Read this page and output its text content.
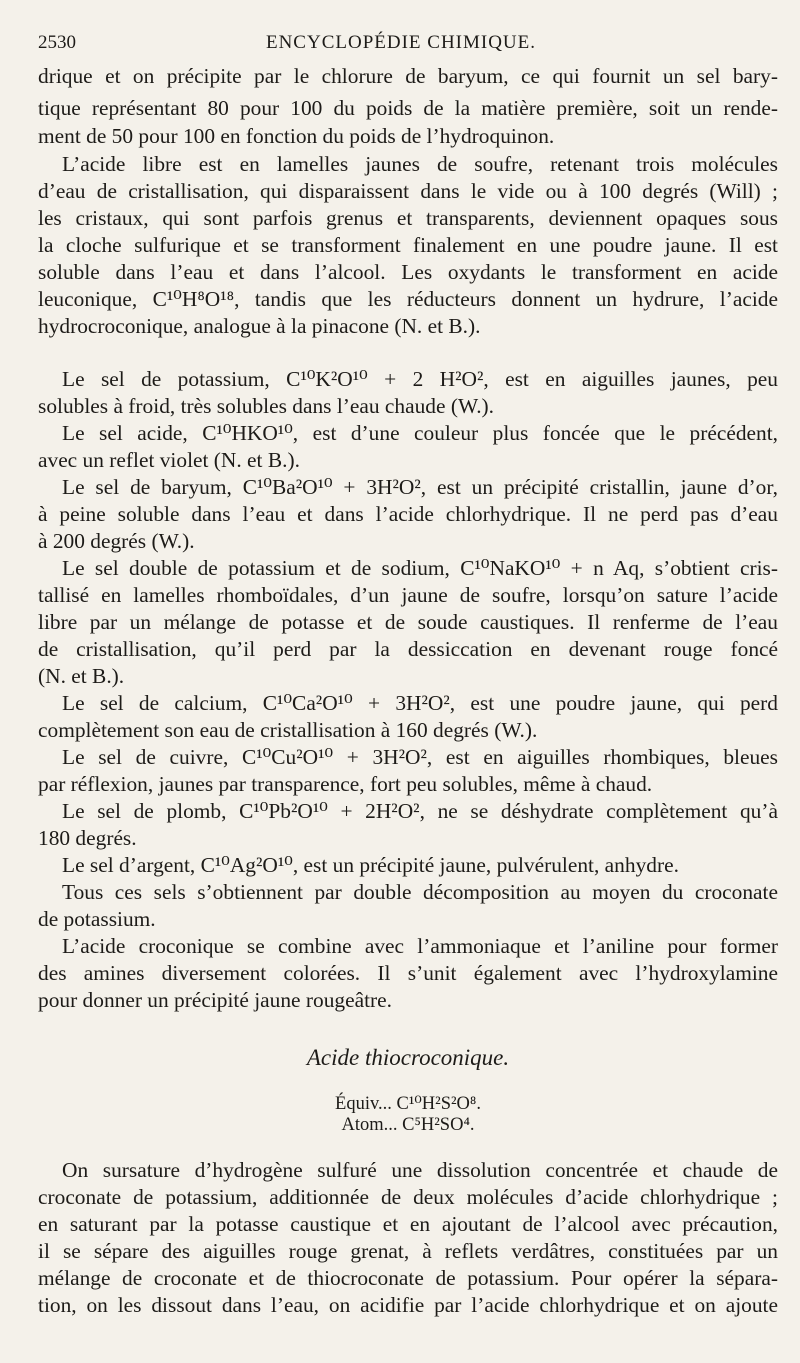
2530	ENCYCLOPÉDIE CHIMIQUE.
drique et on précipite par le chlorure de baryum, ce qui fournit un sel bary-
tique représentant 80 pour 100 du poids de la matière première, soit un rende-
ment de 50 pour 100 en fonction du poids de l’hydroquinon.
L’acide libre est en lamelles jaunes de soufre, retenant trois molécules
d’eau de cristallisation, qui disparaissent dans le vide ou à 100 degrés (Will) ;
les cristaux, qui sont parfois grenus et transparents, deviennent opaques sous
la cloche sulfurique et se transforment finalement en une poudre jaune. Il est
soluble dans l’eau et dans l’alcool. Les oxydants le transforment en acide
leuconique, C¹⁰H⁸O¹⁸, tandis que les réducteurs donnent un hydrure, l’acide
hydrocroconique, analogue à la pinacone (N. et B.).
Le sel de potassium, C¹⁰K²O¹⁰ + 2 H²O², est en aiguilles jaunes, peu
solubles à froid, très solubles dans l’eau chaude (W.).
Le sel acide, C¹⁰HKO¹⁰, est d’une couleur plus foncée que le précédent,
avec un reflet violet (N. et B.).
Le sel de baryum, C¹⁰Ba²O¹⁰ + 3H²O², est un précipité cristallin, jaune d’or,
à peine soluble dans l’eau et dans l’acide chlorhydrique. Il ne perd pas d’eau
à 200 degrés (W.).
Le sel double de potassium et de sodium, C¹⁰NaKO¹⁰ + n Aq, s’obtient cris-
tallisé en lamelles rhomboïdales, d’un jaune de soufre, lorsqu’on sature l’acide
libre par un mélange de potasse et de soude caustiques. Il renferme de l’eau
de cristallisation, qu’il perd par la dessiccation en devenant rouge foncé
(N. et B.).
Le sel de calcium, C¹⁰Ca²O¹⁰ + 3H²O², est une poudre jaune, qui perd
complètement son eau de cristallisation à 160 degrés (W.).
Le sel de cuivre, C¹⁰Cu²O¹⁰ + 3H²O², est en aiguilles rhombiques, bleues
par réflexion, jaunes par transparence, fort peu solubles, même à chaud.
Le sel de plomb, C¹⁰Pb²O¹⁰ + 2H²O², ne se déshydrate complètement qu’à
180 degrés.
Le sel d’argent, C¹⁰Ag²O¹⁰, est un précipité jaune, pulvérulent, anhydre.
Tous ces sels s’obtiennent par double décomposition au moyen du croconate
de potassium.
L’acide croconique se combine avec l’ammoniaque et l’aniline pour former
des amines diversement colorées. Il s’unit également avec l’hydroxylamine
pour donner un précipité jaune rougeâtre.
Acide thiocroconique.
Équiv... C¹⁰H²S²O⁸.
Atom... C⁵H²SO⁴.
On sursature d’hydrogène sulfuré une dissolution concentrée et chaude de
croconate de potassium, additionnée de deux molécules d’acide chlorhydrique ;
en saturant par la potasse caustique et en ajoutant de l’alcool avec précaution,
il se sépare des aiguilles rouge grenat, à reflets verdâtres, constituées par un
mélange de croconate et de thiocroconate de potassium. Pour opérer la sépara-
tion, on les dissout dans l’eau, on acidifie par l’acide chlorhydrique et on ajoute
